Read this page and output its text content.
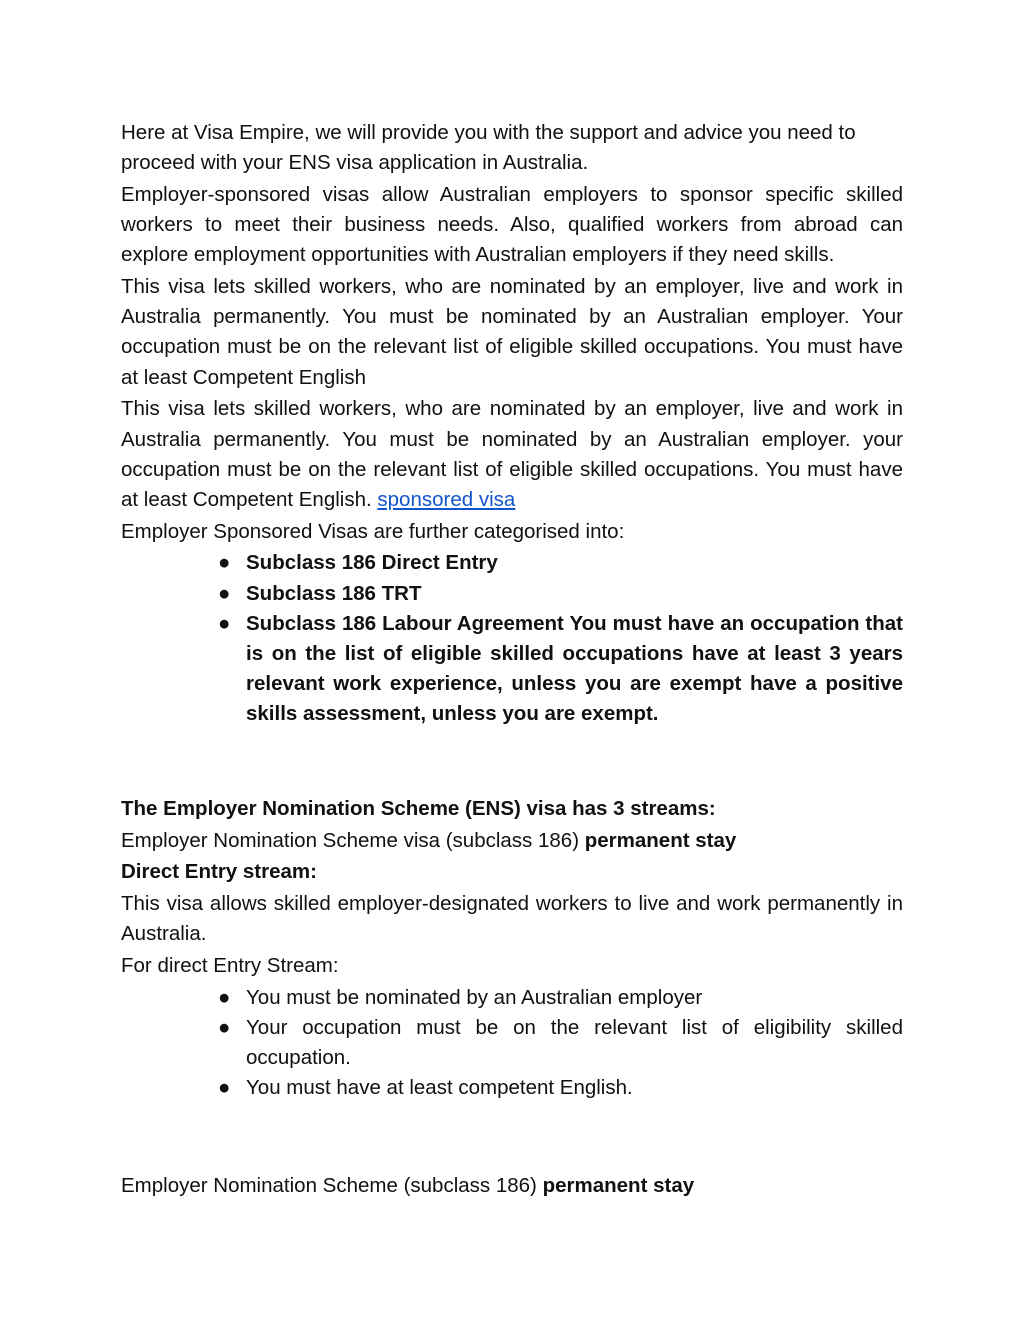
Here at Visa Empire, we will provide you with the support and advice you need to proceed with your ENS visa application in Australia.

Employer-sponsored visas allow Australian employers to sponsor specific skilled workers to meet their business needs. Also, qualified workers from abroad can explore employment opportunities with Australian employers if they need skills.

This visa lets skilled workers, who are nominated by an employer, live and work in Australia permanently. You must be nominated by an Australian employer. Your occupation must be on the relevant list of eligible skilled occupations. You must have at least Competent English

This visa lets skilled workers, who are nominated by an employer, live and work in Australia permanently. You must be nominated by an Australian employer. your occupation must be on the relevant list of eligible skilled occupations. You must have at least Competent English. sponsored visa

Employer Sponsored Visas are further categorised into:

● Subclass 186 Direct Entry
● Subclass 186 TRT
● Subclass 186 Labour Agreement You must have an occupation that is on the list of eligible skilled occupations have at least 3 years relevant work experience, unless you are exempt have a positive skills assessment, unless you are exempt.

The Employer Nomination Scheme (ENS) visa has 3 streams:

Employer Nomination Scheme visa (subclass 186) permanent stay

Direct Entry stream:

This visa allows skilled employer-designated workers to live and work permanently in Australia.

For direct Entry Stream:

● You must be nominated by an Australian employer
● Your occupation must be on the relevant list of eligibility skilled occupation.
● You must have at least competent English.

Employer Nomination Scheme (subclass 186) permanent stay
